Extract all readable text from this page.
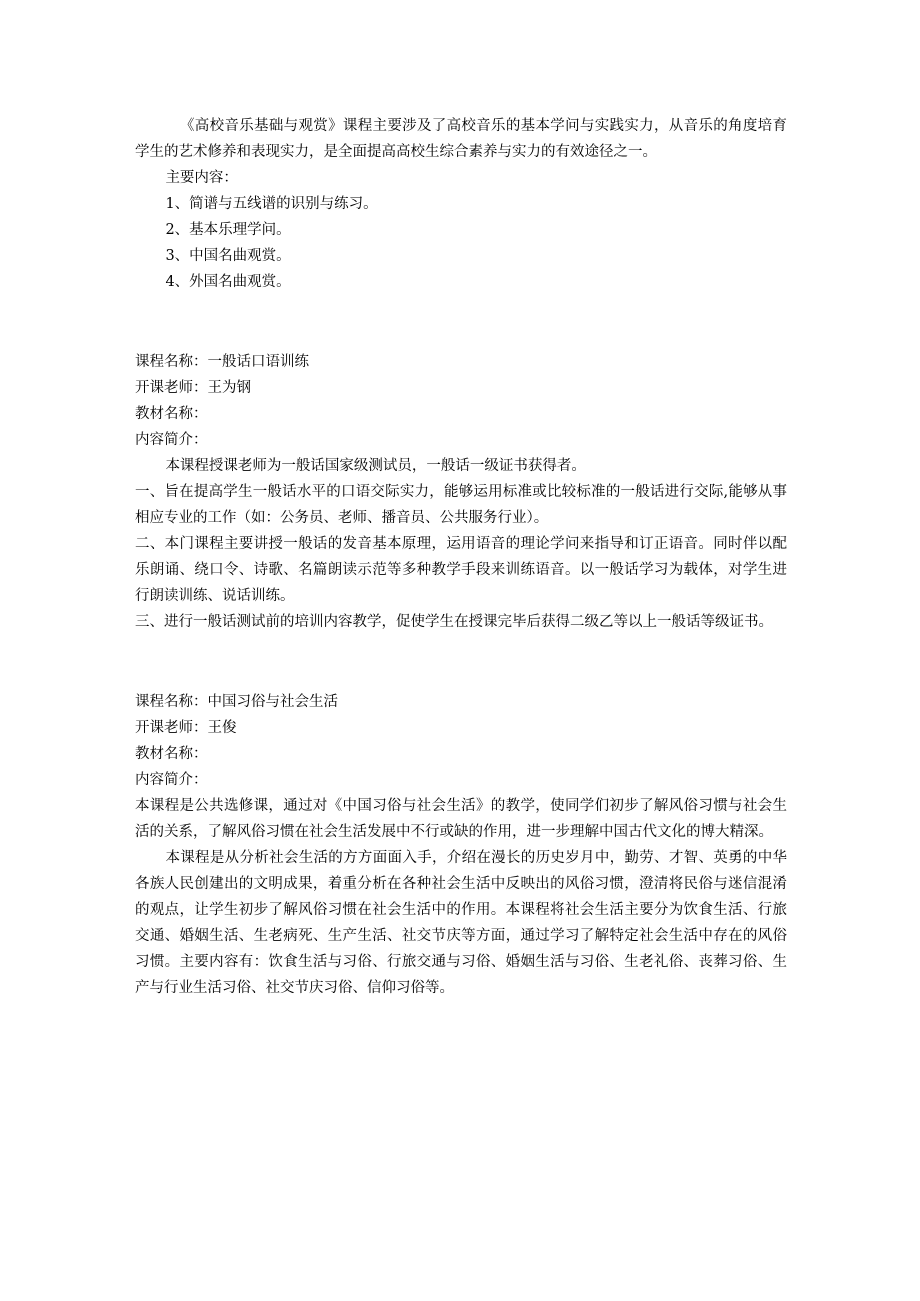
《高校音乐基础与观赏》课程主要涉及了高校音乐的基本学问与实践实力，从音乐的角度培育学生的艺术修养和表现实力，是全面提高高校生综合素养与实力的有效途径之一。

主要内容：

1、简谱与五线谱的识别与练习。

2、基本乐理学问。

3、中国名曲观赏。

4、外国名曲观赏。

课程名称：一般话口语训练

开课老师：王为钢

教材名称：

内容简介：

本课程授课老师为一般话国家级测试员，一般话一级证书获得者。

一、旨在提高学生一般话水平的口语交际实力，能够运用标准或比较标准的一般话进行交际,能够从事相应专业的工作（如：公务员、老师、播音员、公共服务行业）。

二、本门课程主要讲授一般话的发音基本原理，运用语音的理论学问来指导和订正语音。同时伴以配乐朗诵、绕口令、诗歌、名篇朗读示范等多种教学手段来训练语音。以一般话学习为载体，对学生进行朗读训练、说话训练。

三、进行一般话测试前的培训内容教学，促使学生在授课完毕后获得二级乙等以上一般话等级证书。

课程名称：中国习俗与社会生活

开课老师：王俊

教材名称：

内容简介：

本课程是公共选修课，通过对《中国习俗与社会生活》的教学，使同学们初步了解风俗习惯与社会生活的关系，了解风俗习惯在社会生活发展中不行或缺的作用，进一步理解中国古代文化的博大精深。

本课程是从分析社会生活的方方面面入手，介绍在漫长的历史岁月中，勤劳、才智、英勇的中华各族人民创建出的文明成果，着重分析在各种社会生活中反映出的风俗习惯，澄清将民俗与迷信混淆的观点，让学生初步了解风俗习惯在社会生活中的作用。本课程将社会生活主要分为饮食生活、行旅交通、婚姻生活、生老病死、生产生活、社交节庆等方面，通过学习了解特定社会生活中存在的风俗习惯。主要内容有：饮食生活与习俗、行旅交通与习俗、婚姻生活与习俗、生老礼俗、丧葬习俗、生产与行业生活习俗、社交节庆习俗、信仰习俗等。
